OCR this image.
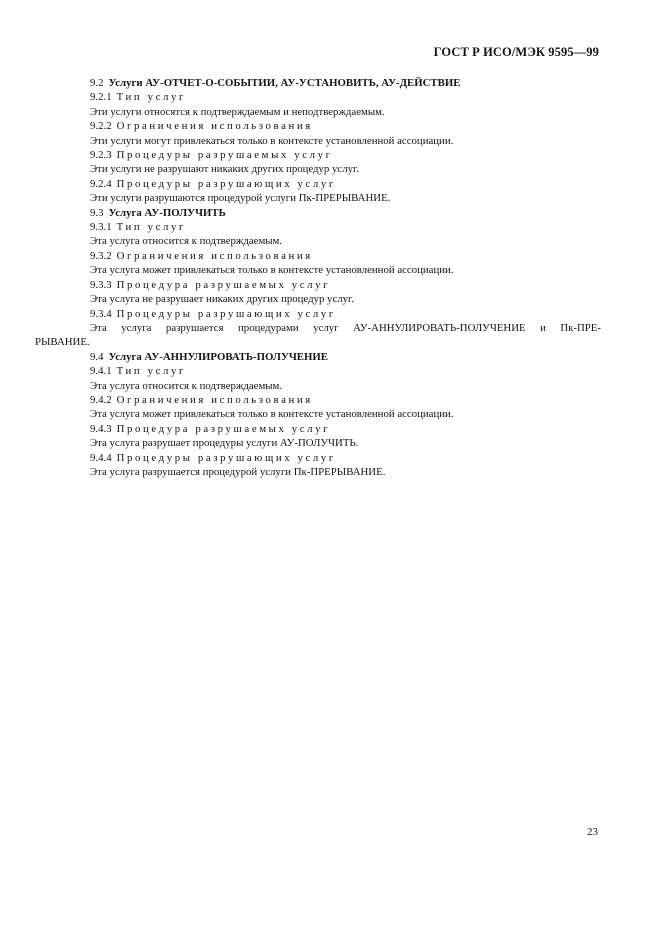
ГОСТ Р ИСО/МЭК 9595—99
9.2 Услуги АУ-ОТЧЕТ-О-СОБЫТИИ, АУ-УСТАНОВИТЬ, АУ-ДЕЙСТВИЕ
9.2.1 Тип услуг
Эти услуги относятся к подтверждаемым и неподтверждаемым.
9.2.2 Ограничения использования
Эти услуги могут привлекаться только в контексте установленной ассоциации.
9.2.3 Процедуры разрушаемых услуг
Эти услуги не разрушают никаких других процедур услуг.
9.2.4 Процедуры разрушающих услуг
Эти услуги разрушаются процедурой услуги Пк-ПРЕРЫВАНИЕ.
9.3 Услуга АУ-ПОЛУЧИТЬ
9.3.1 Тип услуг
Эта услуга относится к подтверждаемым.
9.3.2 Ограничения использования
Эта услуга может привлекаться только в контексте установленной ассоциации.
9.3.3 Процедура разрушаемых услуг
Эта услуга не разрушает никаких других процедур услуг.
9.3.4 Процедуры разрушающих услуг
Эта услуга разрушается процедурами услуг АУ-АННУЛИРОВАТЬ-ПОЛУЧЕНИЕ и Пк-ПРЕ-
РЫВАНИЕ.
9.4 Услуга АУ-АННУЛИРОВАТЬ-ПОЛУЧЕНИЕ
9.4.1 Тип услуг
Эта услуга относится к подтверждаемым.
9.4.2 Ограничения использования
Эта услуга может привлекаться только в контексте установленной ассоциации.
9.4.3 Процедура разрушаемых услуг
Эта услуга разрушает процедуры услуги АУ-ПОЛУЧИТЬ.
9.4.4 Процедуры разрушающих услуг
Эта услуга разрушается процедурой услуги Пк-ПРЕРЫВАНИЕ.
23
